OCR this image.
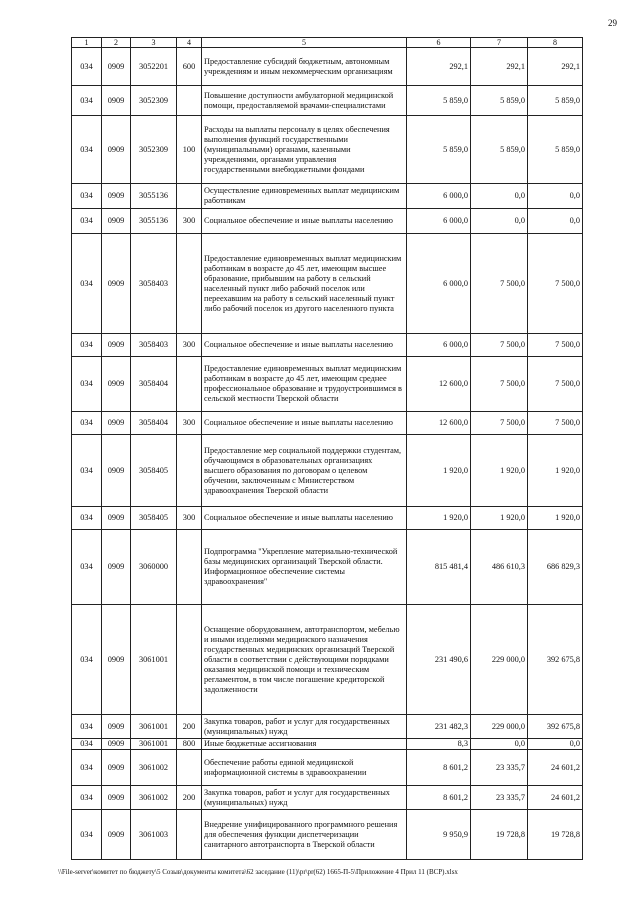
29
1	2	3	4	5	6	7	8
034	0909	3052201	600	Предоставление субсидий бюджетным, автономным учреждениям и иным некоммерческим организациям	292,1	292,1	292,1
034	0909	3052309		Повышение доступности амбулаторной медицинской помощи, предоставляемой врачами-специалистами	5 859,0	5 859,0	5 859,0
034	0909	3052309	100	Расходы на выплаты персоналу в целях обеспечения выполнения функций государственными (муниципальными) органами, казенными учреждениями, органами управления государственными внебюджетными фондами	5 859,0	5 859,0	5 859,0
034	0909	3055136		Осуществление единовременных выплат медицинским работникам	6 000,0	0,0	0,0
034	0909	3055136	300	Социальное обеспечение и иные выплаты населению	6 000,0	0,0	0,0
034	0909	3058403		Предоставление единовременных выплат медицинским работникам в возрасте до 45 лет, имеющим высшее образование, прибывшим на работу в сельский населенный пункт либо рабочий поселок или переехавшим на работу в сельский населенный пункт либо рабочий поселок из другого населенного пункта	6 000,0	7 500,0	7 500,0
034	0909	3058403	300	Социальное обеспечение и иные выплаты населению	6 000,0	7 500,0	7 500,0
034	0909	3058404		Предоставление единовременных выплат медицинским работникам в возрасте до 45 лет, имеющим среднее профессиональное образование и трудоустроившимся в сельской местности Тверской области	12 600,0	7 500,0	7 500,0
034	0909	3058404	300	Социальное обеспечение и иные выплаты населению	12 600,0	7 500,0	7 500,0
034	0909	3058405		Предоставление мер социальной поддержки студентам, обучающимся в образовательных организациях высшего образования по договорам о целевом обучении, заключенным с Министерством здравоохранения Тверской области	1 920,0	1 920,0	1 920,0
034	0909	3058405	300	Социальное обеспечение и иные выплаты населению	1 920,0	1 920,0	1 920,0
034	0909	3060000		Подпрограмма "Укрепление материально-технической базы медицинских организаций Тверской области. Информационное обеспечение системы здравоохранения"	815 481,4	486 610,3	686 829,3
034	0909	3061001		Оснащение оборудованием, автотранспортом, мебелью и иными изделиями медицинского назначения государственных медицинских организаций Тверской области в соответствии с действующими порядками оказания медицинской помощи и техническим регламентом, в том числе погашение кредиторской задолженности	231 490,6	229 000,0	392 675,8
034	0909	3061001	200	Закупка товаров, работ и услуг для государственных (муниципальных) нужд	231 482,3	229 000,0	392 675,8
034	0909	3061001	800	Иные бюджетные ассигнования	8,3	0,0	0,0
034	0909	3061002		Обеспечение работы единой медицинской информационной системы в здравоохранении	8 601,2	23 335,7	24 601,2
034	0909	3061002	200	Закупка товаров, работ и услуг для государственных (муниципальных) нужд	8 601,2	23 335,7	24 601,2
034	0909	3061003		Внедрение унифицированного программного решения для обеспечения функции диспетчеризации санитарного автотранспорта в Тверской области	9 950,9	19 728,8	19 728,8
\\File-server\комитет по бюджету\5 Созыв\документы комитета\62 заседание (11)\pr\pr(62) 1665-П-5\Приложение 4 Прил 11 (ВСР).xlsx
